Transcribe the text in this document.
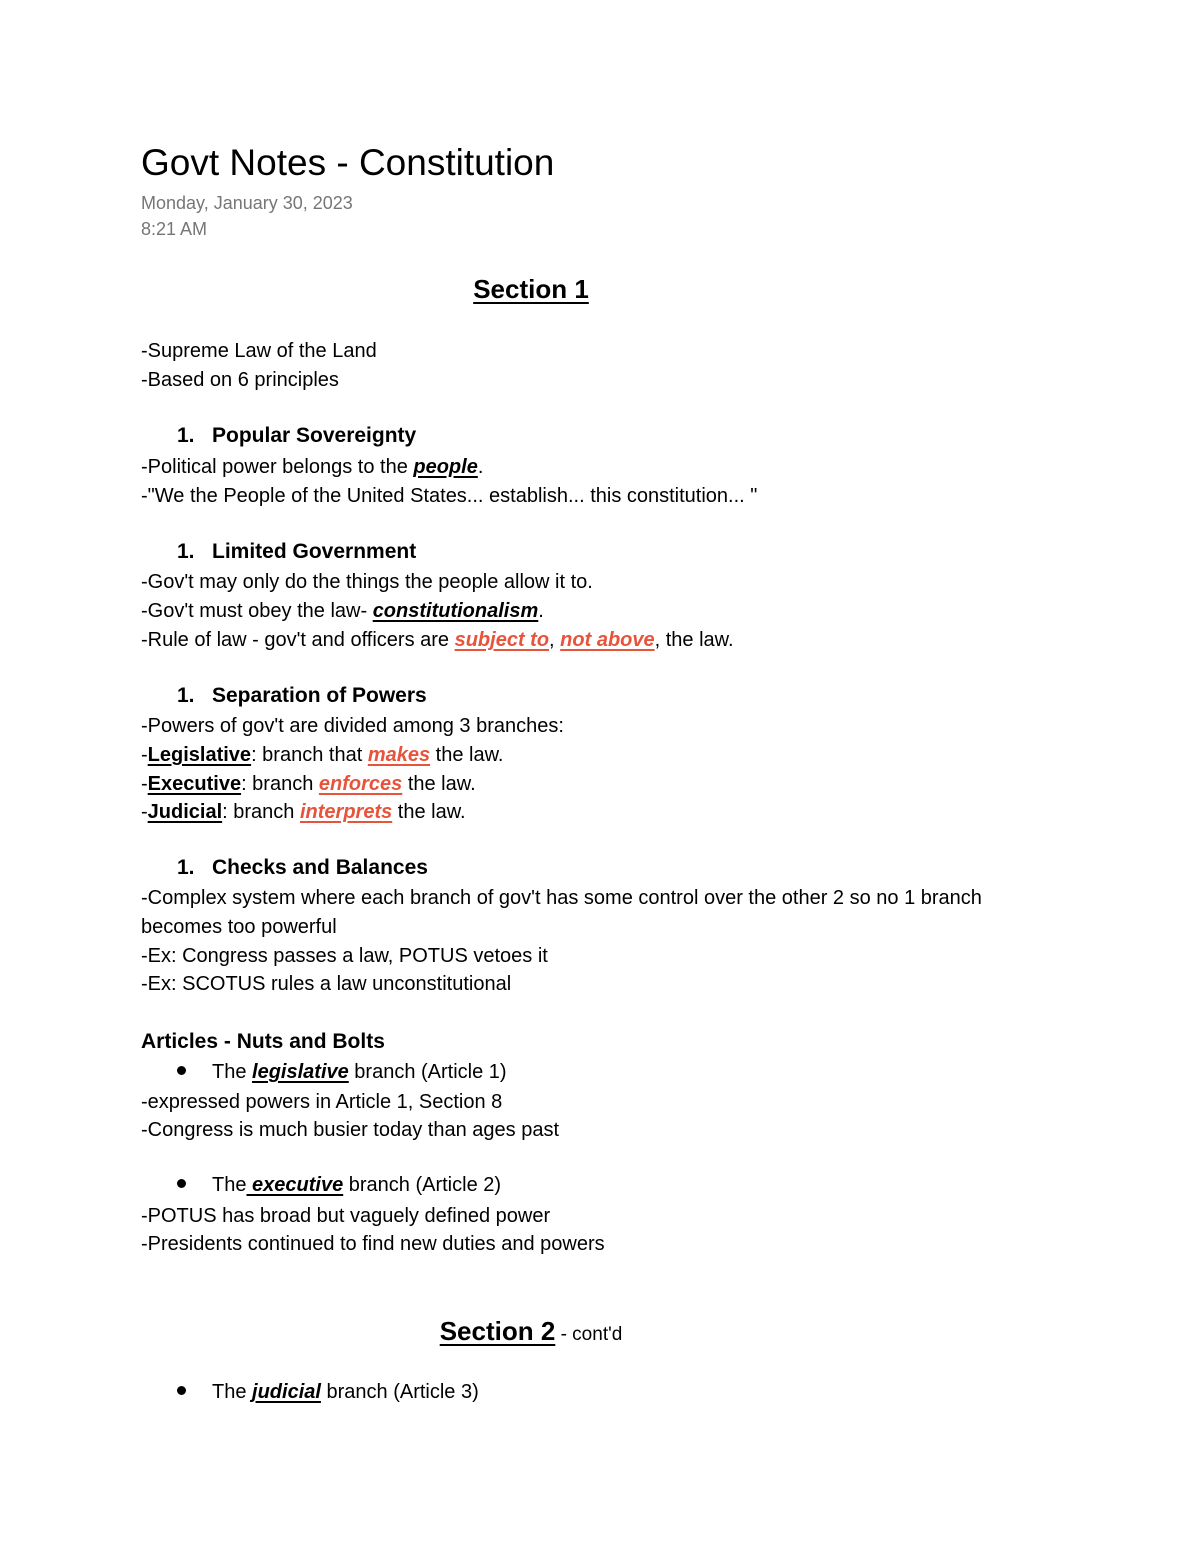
Govt Notes - Constitution
Monday, January 30, 2023
8:21 AM
Section 1
-Supreme Law of the Land
-Based on 6 principles
1. Popular Sovereignty
-Political power belongs to the people.
-"We the People of the United States... establish... this constitution... "
1. Limited Government
-Gov't may only do the things the people allow it to.
-Gov't must obey the law- constitutionalism.
-Rule of law - gov't and officers are subject to, not above, the law.
1. Separation of Powers
-Powers of gov't are divided among 3 branches:
-Legislative: branch that makes the law.
-Executive: branch enforces the law.
-Judicial: branch interprets the law.
1. Checks and Balances
-Complex system where each branch of gov't has some control over the other 2 so no 1 branch
becomes too powerful
-Ex: Congress passes a law, POTUS vetoes it
-Ex: SCOTUS rules a law unconstitutional
Articles - Nuts and Bolts
The legislative branch (Article 1)
-expressed powers in Article 1, Section 8
-Congress is much busier today than ages past
The executive branch (Article 2)
-POTUS has broad but vaguely defined power
-Presidents continued to find new duties and powers
Section 2 - cont'd
The judicial branch (Article 3)
